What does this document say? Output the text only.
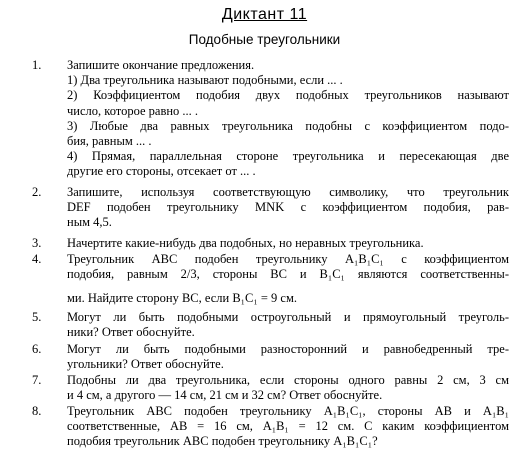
Диктант 11
Подобные треугольники
1. Запишите окончание предложения.
1) Два треугольника называют подобными, если ... .
2) Коэффициентом подобия двух подобных треугольников называют
число, которое равно ... .
3) Любые два равных треугольника подобны с коэффициентом подо-
бия, равным ... .
4) Прямая, параллельная стороне треугольника и пересекающая две
другие его стороны, отсекает от ... .
2. Запишите, используя соответствующую символику, что треугольник
DEF подобен треугольнику MNK с коэффициентом подобия, рав-
ным 4,5.
3. Начертите какие-нибудь два подобных, но неравных треугольника.
4. Треугольник ABC подобен треугольнику A₁B₁C₁ с коэффициентом
подобия, равным 2/3, стороны BC и B₁C₁ являются соответственны-
ми. Найдите сторону BC, если B₁C₁ = 9 см.
5. Могут ли быть подобными остроугольный и прямоугольный треуголь-
ники? Ответ обоснуйте.
6. Могут ли быть подобными разносторонний и равнобедренный тре-
угольники? Ответ обоснуйте.
7. Подобны ли два треугольника, если стороны одного равны 2 см, 3 см
и 4 см, а другого — 14 см, 21 см и 32 см? Ответ обоснуйте.
8. Треугольник ABC подобен треугольнику A₁B₁C₁, стороны AB и A₁B₁
соответственные, AB = 16 см, A₁B₁ = 12 см. С каким коэффициентом
подобия треугольник ABC подобен треугольнику A₁B₁C₁?
